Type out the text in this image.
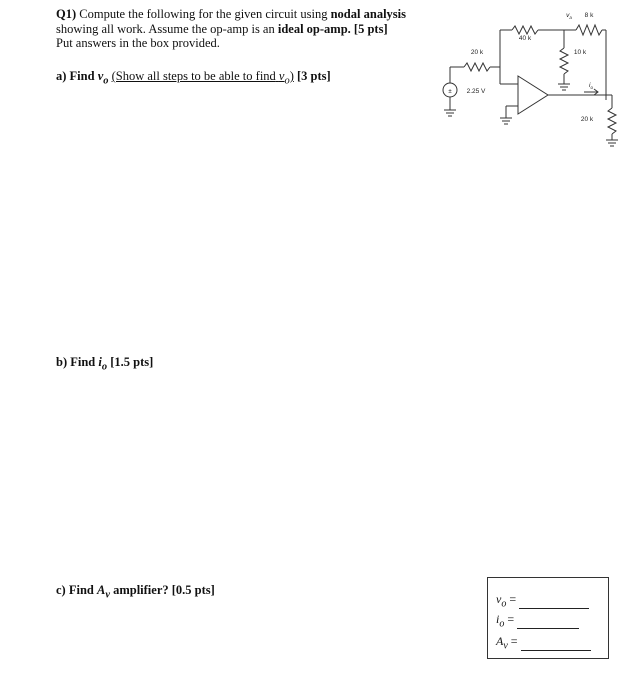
Q1) Compute the following for the given circuit using nodal analysis showing all work. Assume the op-amp is an ideal op-amp. [5 pts]
Put answers in the box provided.
a) Find $v_o$ (Show all steps to be able to find $v_o$) [3 pts]
b) Find $i_o$ [1.5 pts]
c) Find $A_v$ amplifier? [0.5 pts]
20 k
40 k
8 k
10 k
20 k
2.25 V
$v_a$
$i_o$
±
$v_o$ =
$i_o$ =
$A_v$ =
